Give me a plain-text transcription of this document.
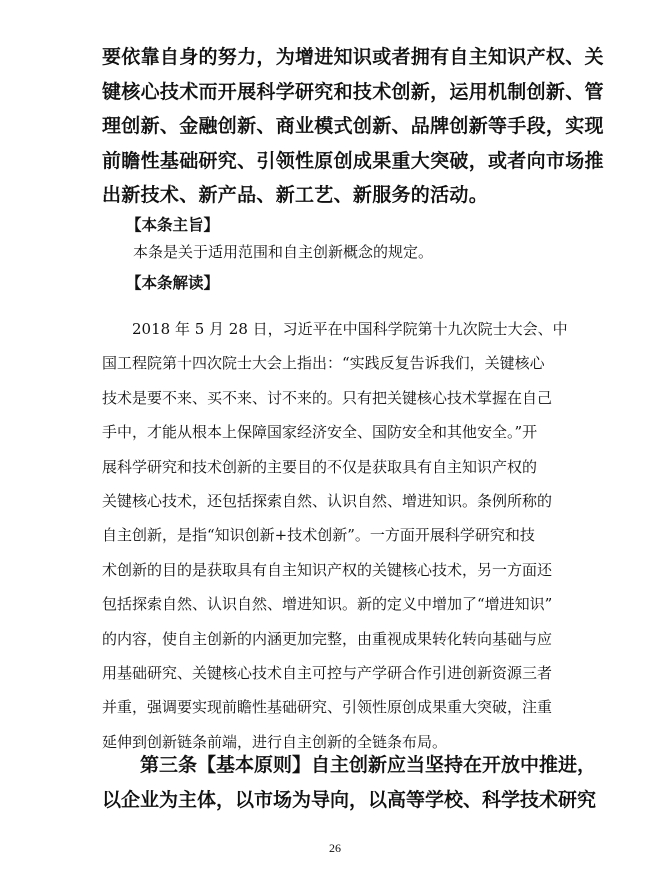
要依靠自身的努力，为增进知识或者拥有自主知识产权、关
键核心技术而开展科学研究和技术创新，运用机制创新、管
理创新、金融创新、商业模式创新、品牌创新等手段，实现
前瞻性基础研究、引领性原创成果重大突破，或者向市场推
出新技术、新产品、新工艺、新服务的活动。
【本条主旨】
本条是关于适用范围和自主创新概念的规定。
【本条解读】
2018 年 5 月 28 日，习近平在中国科学院第十九次院士大会、中
国工程院第十四次院士大会上指出：“实践反复告诉我们，关键核心
技术是要不来、买不来、讨不来的。只有把关键核心技术掌握在自己
手中，才能从根本上保障国家经济安全、国防安全和其他安全。”开
展科学研究和技术创新的主要目的不仅是获取具有自主知识产权的
关键核心技术，还包括探索自然、认识自然、增进知识。条例所称的
自主创新，是指“知识创新+技术创新”。一方面开展科学研究和技
术创新的目的是获取具有自主知识产权的关键核心技术，另一方面还
包括探索自然、认识自然、增进知识。新的定义中增加了“增进知识”
的内容，使自主创新的内涵更加完整，由重视成果转化转向基础与应
用基础研究、关键核心技术自主可控与产学研合作引进创新资源三者
并重，强调要实现前瞻性基础研究、引领性原创成果重大突破，注重
延伸到创新链条前端，进行自主创新的全链条布局。
　　第三条【基本原则】自主创新应当坚持在开放中推进，
以企业为主体，以市场为导向，以高等学校、科学技术研究
26
